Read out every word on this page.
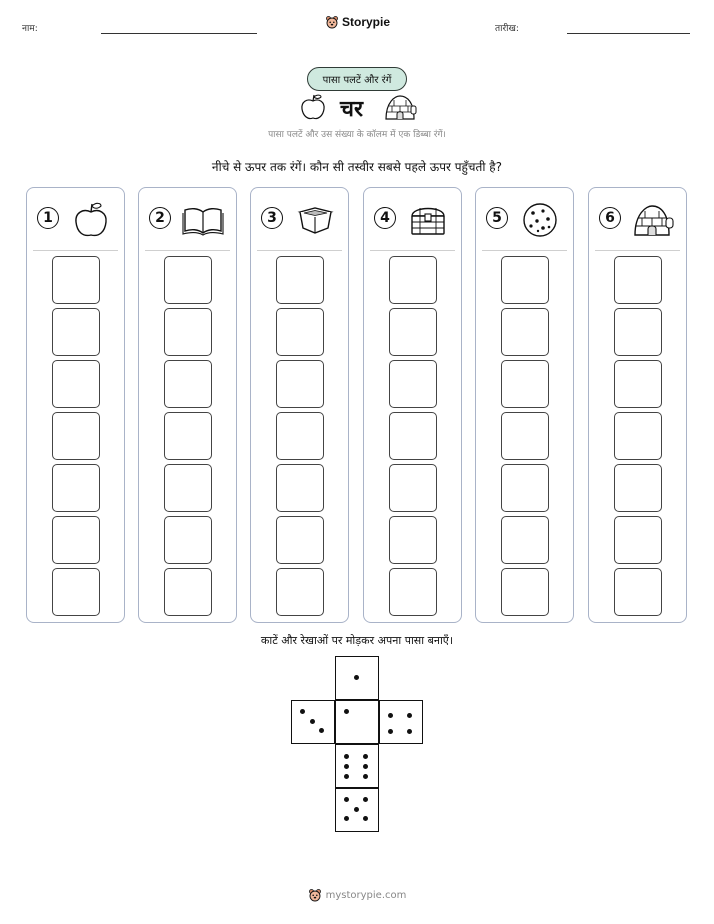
नाम:	Storypie	तारीख:
पासा पलटें और रंगें
चर
पासा पलटें और उस संख्या के कॉलम में एक डिब्बा रंगें।
नीचे से ऊपर तक रंगें। कौन सी तस्वीर सबसे पहले ऊपर पहुँचती है?
1	2	3	4	5	6
काटें और रेखाओं पर मोड़कर अपना पासा बनाएँ।
mystorypie.com
